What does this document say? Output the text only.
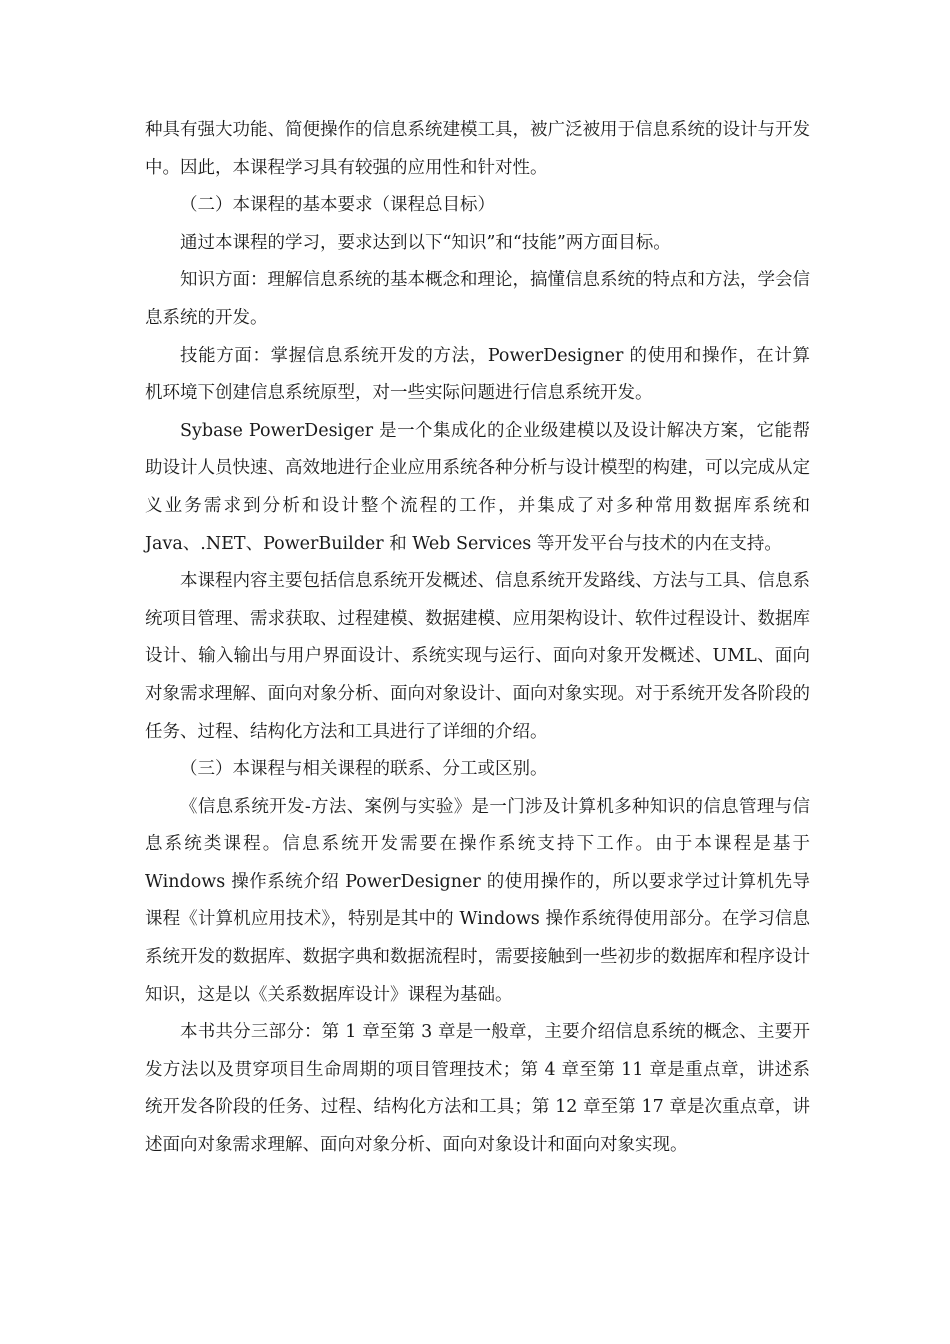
种具有强大功能、简便操作的信息系统建模工具，被广泛被用于信息系统的设计与开发中。因此，本课程学习具有较强的应用性和针对性。

（二）本课程的基本要求（课程总目标）

通过本课程的学习，要求达到以下“知识”和“技能”两方面目标。

知识方面：理解信息系统的基本概念和理论，搞懂信息系统的特点和方法，学会信息系统的开发。

技能方面：掌握信息系统开发的方法，PowerDesigner 的使用和操作，在计算机环境下创建信息系统原型，对一些实际问题进行信息系统开发。

Sybase PowerDesiger 是一个集成化的企业级建模以及设计解决方案，它能帮助设计人员快速、高效地进行企业应用系统各种分析与设计模型的构建，可以完成从定义业务需求到分析和设计整个流程的工作，并集成了对多种常用数据库系统和 Java、.NET、PowerBuilder 和 Web Services 等开发平台与技术的内在支持。

本课程内容主要包括信息系统开发概述、信息系统开发路线、方法与工具、信息系统项目管理、需求获取、过程建模、数据建模、应用架构设计、软件过程设计、数据库设计、输入输出与用户界面设计、系统实现与运行、面向对象开发概述、UML、面向对象需求理解、面向对象分析、面向对象设计、面向对象实现。对于系统开发各阶段的任务、过程、结构化方法和工具进行了详细的介绍。

（三）本课程与相关课程的联系、分工或区别。

《信息系统开发-方法、案例与实验》是一门涉及计算机多种知识的信息管理与信息系统类课程。信息系统开发需要在操作系统支持下工作。由于本课程是基于 Windows 操作系统介绍 PowerDesigner 的使用操作的，所以要求学过计算机先导课程《计算机应用技术》，特别是其中的 Windows 操作系统得使用部分。在学习信息系统开发的数据库、数据字典和数据流程时，需要接触到一些初步的数据库和程序设计知识，这是以《关系数据库设计》课程为基础。

本书共分三部分：第 1 章至第 3 章是一般章，主要介绍信息系统的概念、主要开发方法以及贯穿项目生命周期的项目管理技术；第 4 章至第 11 章是重点章，讲述系统开发各阶段的任务、过程、结构化方法和工具；第 12 章至第 17 章是次重点章，讲述面向对象需求理解、面向对象分析、面向对象设计和面向对象实现。
